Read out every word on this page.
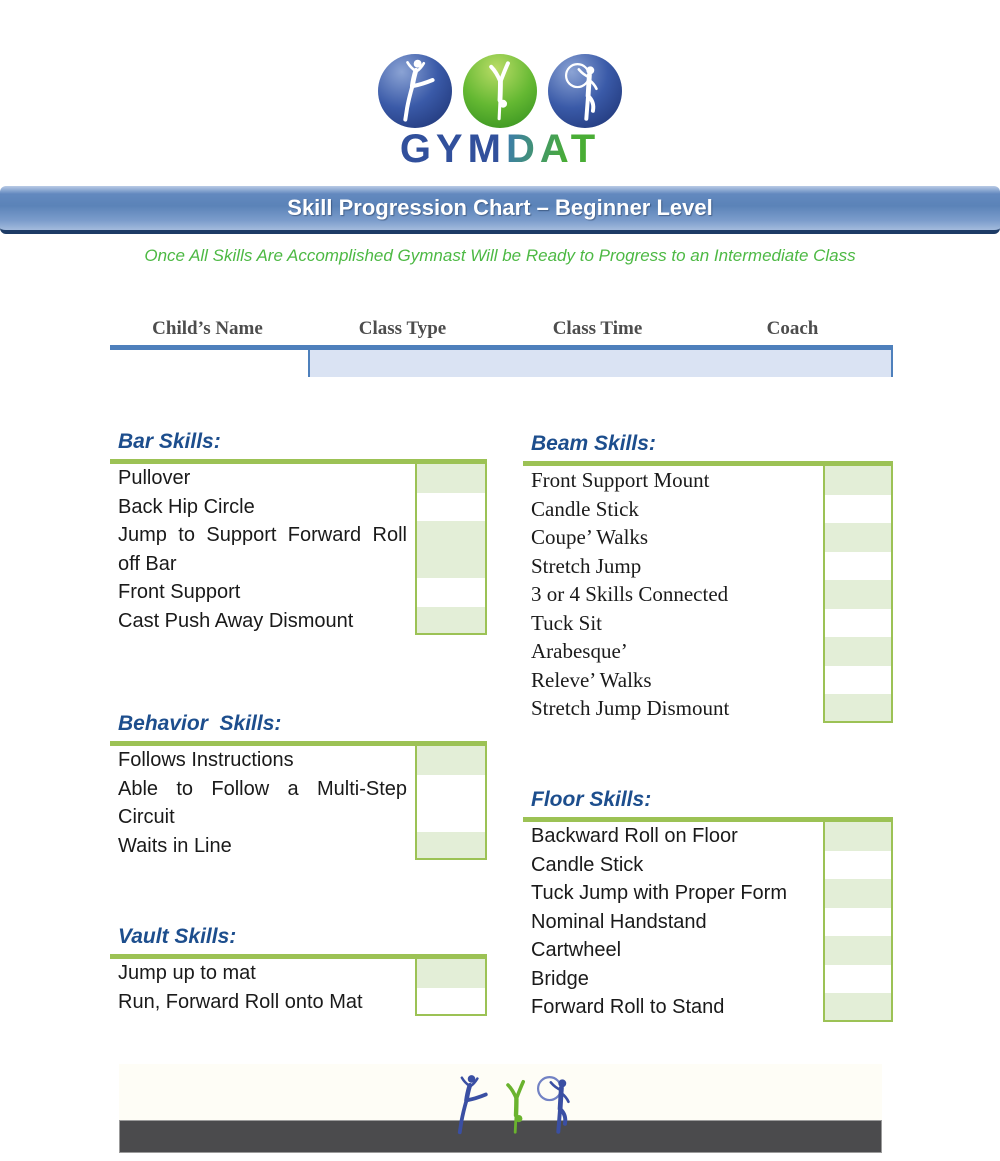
GYMDAT
Skill Progression Chart – Beginner Level
Once All Skills Are Accomplished Gymnast Will be Ready to Progress to an Intermediate Class
Child’s Name	Class Type	Class Time	Coach
Bar Skills:
Pullover
Back Hip Circle
Jump to Support Forward Roll off Bar
Front Support
Cast Push Away Dismount
Behavior  Skills:
Follows Instructions
Able to Follow a Multi-Step Circuit
Waits in Line
Vault Skills:
Jump up to mat
Run, Forward Roll onto Mat
Beam Skills:
Front Support Mount
Candle Stick
Coupe’ Walks
Stretch Jump
3 or 4 Skills Connected
Tuck Sit
Arabesque’
Releve’ Walks
Stretch Jump Dismount
Floor Skills:
Backward Roll on Floor
Candle Stick
Tuck Jump with Proper Form
Nominal Handstand
Cartwheel
Bridge
Forward Roll to Stand
